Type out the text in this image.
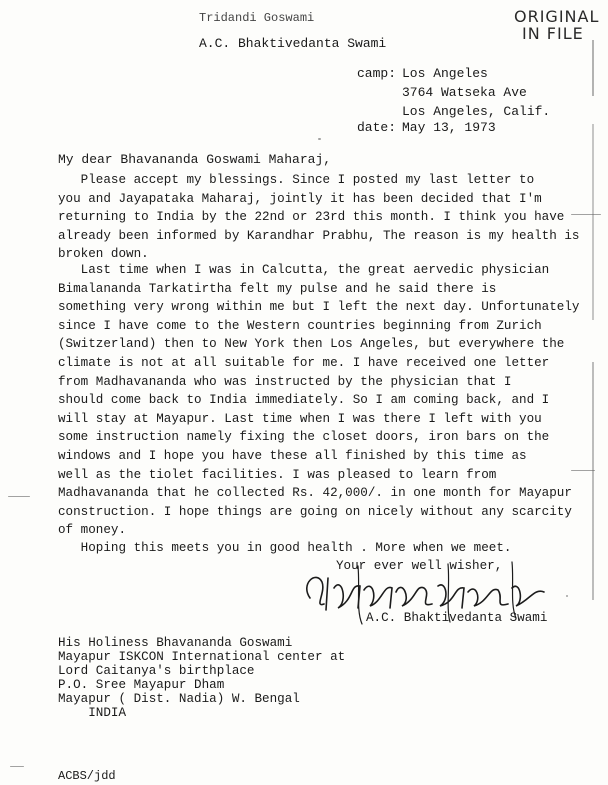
ORIGINAL
IN FILE
Tridandi Goswami
A.C. Bhaktivedanta Swami
camp: Los Angeles
3764 Watseka Ave
Los Angeles, Calif.
date: May 13, 1973
My dear Bhavananda Goswami Maharaj,
Please accept my blessings. Since I posted my last letter to
you and Jayapataka Maharaj, jointly it has been decided that I'm
returning to India by the 22nd or 23rd this month. I think you have
already been informed by Karandhar Prabhu, The reason is my health is
broken down.
Last time when I was in Calcutta, the great aervedic physician
Bimalananda Tarkatirtha felt my pulse and he said there is
something very wrong within me but I left the next day. Unfortunately
since I have come to the Western countries beginning from Zurich
(Switzerland) then to New York then Los Angeles, but everywhere the
climate is not at all suitable for me. I have received one letter
from Madhavananda who was instructed by the physician that I
should come back to India immediately. So I am coming back, and I
will stay at Mayapur. Last time when I was there I left with you
some instruction namely fixing the closet doors, iron bars on the
windows and I hope you have these all finished by this time as
well as the tiolet facilities. I was pleased to learn from
Madhavananda that he collected Rs. 42,000/. in one month for Mayapur
construction. I hope things are going on nicely without any scarcity
of money.
Hoping this meets you in good health . More when we meet.
Your ever well wisher,
A.C. Bhaktivedanta Swami
His Holiness Bhavananda Goswami
Mayapur ISKCON International center at
Lord Caitanya's birthplace
P.O. Sree Mayapur Dham
Mayapur ( Dist. Nadia) W. Bengal
INDIA
ACBS/jdd
